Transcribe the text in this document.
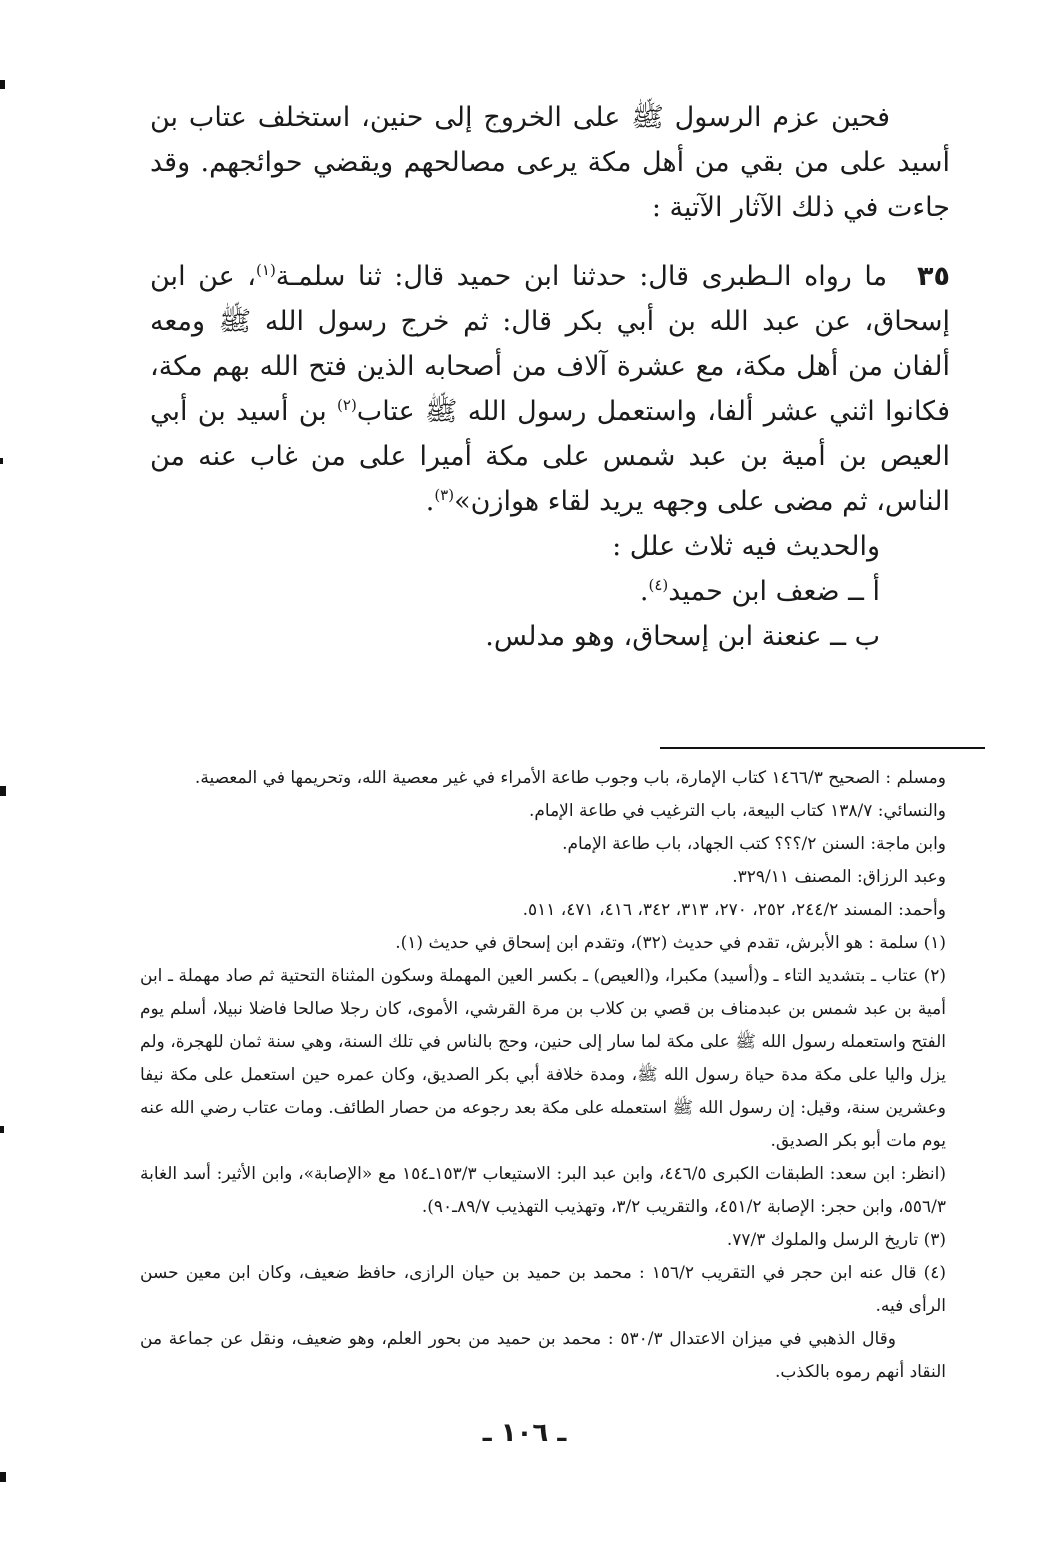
فحين عزم الرسول ﷺ على الخروج إلى حنين، استخلف عتاب بن أسيد على من بقي من أهل مكة يرعى مصالحهم ويقضي حوائجهم. وقد جاءت في ذلك الآثار الآتية :

٣٥ما رواه الـطبرى قال: حدثنا ابن حميد قال: ثنا سلمـة$^{(١)}$، عن ابن إسحاق، عن عبد الله بن أبي بكر قال: ثم خرج رسول الله ﷺ ومعه ألفان من أهل مكة، مع عشرة آلاف من أصحابه الذين فتح الله بهم مكة، فكانوا اثني عشر ألفا، واستعمل رسول الله ﷺ عتاب$^{(٢)}$ بن أسيد بن أبي العيص بن أمية بن عبد شمس على مكة أميرا على من غاب عنه من الناس، ثم مضى على وجهه يريد لقاء هوازن»$^{(٣)}$.

والحديث فيه ثلاث علل :

أ ــ ضعف ابن حميد$^{(٤)}$.

ب ــ عنعنة ابن إسحاق، وهو مدلس.

ومسلم : الصحيح ١٤٦٦/٣ كتاب الإمارة، باب وجوب طاعة الأمراء في غير معصية الله، وتحريمها في المعصية.

والنسائي: ١٣٨/٧ كتاب البيعة، باب الترغيب في طاعة الإمام.

وابن ماجة: السنن ٢/؟؟؟ كتب الجهاد، باب طاعة الإمام.

وعبد الرزاق: المصنف ٣٢٩/١١.

وأحمد: المسند ٢٤٤/٢، ٢٥٢، ٢٧٠، ٣١٣، ٣٤٢، ٤١٦، ٤٧١، ٥١١.

(١) سلمة : هو الأبرش، تقدم في حديث (٣٢)، وتقدم ابن إسحاق في حديث (١).

(٢) عتاب ـ بتشديد التاء ـ و(أسيد) مكبرا، و(العيص) ـ بكسر العين المهملة وسكون المثناة التحتية ثم صاد مهملة ـ ابن أمية بن عبد شمس بن عبدمناف بن قصي بن كلاب بن مرة القرشي، الأموى، كان رجلا صالحا فاضلا نبيلا، أسلم يوم الفتح واستعمله رسول الله ﷺ على مكة لما سار إلى حنين، وحج بالناس في تلك السنة، وهي سنة ثمان للهجرة، ولم يزل واليا على مكة مدة حياة رسول الله ﷺ، ومدة خلافة أبي بكر الصديق، وكان عمره حين استعمل على مكة نيفا وعشرين سنة، وقيل: إن رسول الله ﷺ استعمله على مكة بعد رجوعه من حصار الطائف. ومات عتاب رضي الله عنه يوم مات أبو بكر الصديق.

(انظر: ابن سعد: الطبقات الكبرى ٤٤٦/٥، وابن عبد البر: الاستيعاب ١٥٣/٣ـ١٥٤ مع «الإصابة»، وابن الأثير: أسد الغابة ٥٥٦/٣، وابن حجر: الإصابة ٤٥١/٢، والتقريب ٣/٢، وتهذيب التهذيب ٨٩/٧ـ٩٠).

(٣) تاريخ الرسل والملوك ٧٧/٣.

(٤) قال عنه ابن حجر في التقريب ١٥٦/٢ : محمد بن حميد بن حيان الرازى، حافظ ضعيف، وكان ابن معين حسن الرأى فيه.

وقال الذهبي في ميزان الاعتدال ٥٣٠/٣ : محمد بن حميد من بحور العلم، وهو ضعيف، ونقل عن جماعة من النقاد أنهم رموه بالكذب.

ـ ١٠٦ ـ
